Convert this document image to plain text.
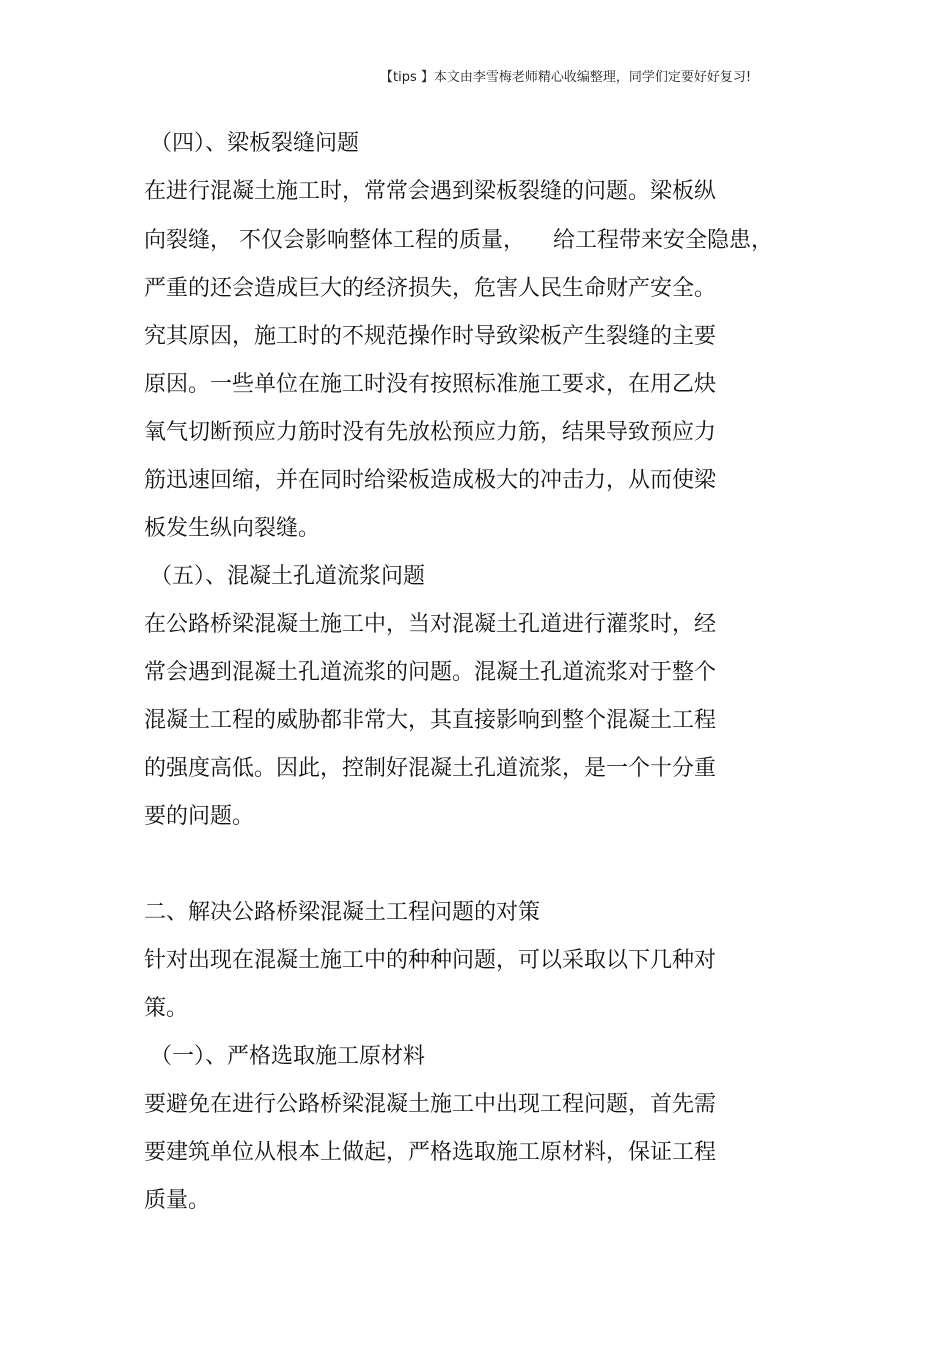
【tips 】本文由李雪梅老师精心收编整理，同学们定要好好复习!
（四）、梁板裂缝问题
在进行混凝土施工时，常常会遇到梁板裂缝的问题。梁板纵
向裂缝， 不仅会影响整体工程的质量，    给工程带来安全隐患，
严重的还会造成巨大的经济损失，危害人民生命财产安全。
究其原因，施工时的不规范操作时导致梁板产生裂缝的主要
原因。一些单位在施工时没有按照标准施工要求，在用乙炔
氧气切断预应力筋时没有先放松预应力筋，结果导致预应力
筋迅速回缩，并在同时给梁板造成极大的冲击力，从而使梁
板发生纵向裂缝。
（五）、混凝土孔道流浆问题
在公路桥梁混凝土施工中，当对混凝土孔道进行灌浆时，经
常会遇到混凝土孔道流浆的问题。混凝土孔道流浆对于整个
混凝土工程的威胁都非常大，其直接影响到整个混凝土工程
的强度高低。因此，控制好混凝土孔道流浆，是一个十分重
要的问题。
二、解决公路桥梁混凝土工程问题的对策
针对出现在混凝土施工中的种种问题，可以采取以下几种对
策。
（一）、严格选取施工原材料
要避免在进行公路桥梁混凝土施工中出现工程问题，首先需
要建筑单位从根本上做起，严格选取施工原材料，保证工程
质量。
